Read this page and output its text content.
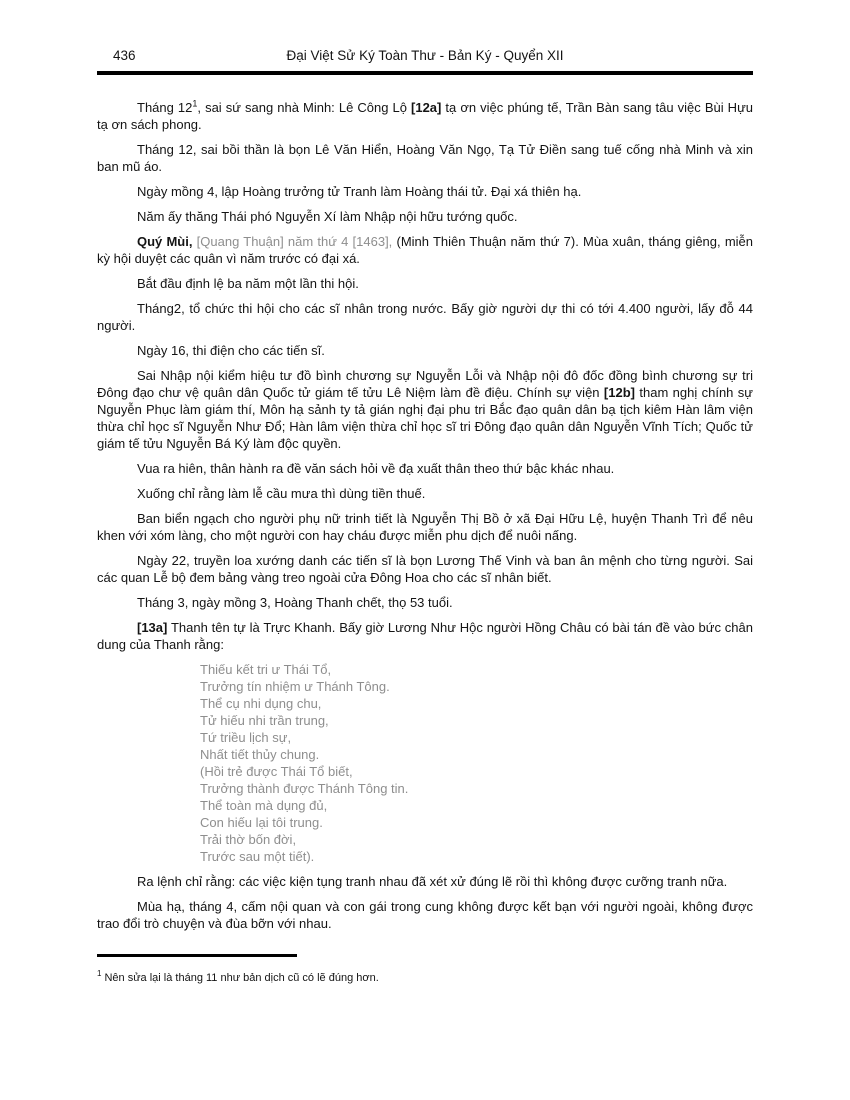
436	Đại Việt Sử Ký Toàn Thư - Bản Ký - Quyển XII

Tháng $12^1$, sai sứ sang nhà Minh: Lê Công Lộ [12a] tạ ơn việc phúng tế, Trần Bàn sang tâu việc Bùi Hựu tạ ơn sách phong.

Tháng 12, sai bồi thần là bọn Lê Văn Hiển, Hoàng Văn Ngọ, Tạ Tử Điền sang tuế cống nhà Minh và xin ban mũ áo.

Ngày mồng 4, lập Hoàng trưởng tử Tranh làm Hoàng thái tử. Đại xá thiên hạ.

Năm ấy thăng Thái phó Nguyễn Xí làm Nhập nội hữu tướng quốc.

Quý Mùi, [Quang Thuận] năm thứ 4 [1463], (Minh Thiên Thuận năm thứ 7). Mùa xuân, tháng giêng, miễn kỳ hội duyệt các quân vì năm trước có đại xá.

Bắt đầu định lệ ba năm một lần thi hội.

Tháng2, tổ chức thi hội cho các sĩ nhân trong nước. Bấy giờ người dự thi có tới 4.400 người, lấy đỗ 44 người.

Ngày 16, thi điện cho các tiến sĩ.

Sai Nhập nội kiểm hiệu tư đồ bình chương sự Nguyễn Lỗi và Nhập nội đô đốc đồng bình chương sự tri Đông đạo chư vệ quân dân Quốc tử giám tế tửu Lê Niệm làm đề điệu. Chính sự viện [12b] tham nghị chính sự Nguyễn Phục làm giám thí, Môn hạ sảnh ty tả gián nghị đại phu tri Bắc đạo quân dân bạ tịch kiêm Hàn lâm viện thừa chỉ học sĩ Nguyễn Như Đổ; Hàn lâm viện thừa chỉ học sĩ tri Đông đạo quân dân Nguyễn Vĩnh Tích; Quốc tử giám tế tửu Nguyễn Bá Ký làm độc quyền.

Vua ra hiên, thân hành ra đề văn sách hỏi về đạ xuất thân theo thứ bậc khác nhau.

Xuống chỉ rằng làm lễ cầu mưa thì dùng tiền thuế.

Ban biển ngạch cho người phụ nữ trinh tiết là Nguyễn Thị Bồ ở xã Đại Hữu Lệ, huyện Thanh Trì để nêu khen với xóm làng, cho một người con hay cháu được miễn phu dịch để nuôi nấng.

Ngày 22, truyền loa xướng danh các tiến sĩ là bọn Lương Thế Vinh và ban ân mệnh cho từng người. Sai các quan Lễ bộ đem bảng vàng treo ngoài cửa Đông Hoa cho các sĩ nhân biết.

Tháng 3, ngày mồng 3, Hoàng Thanh chết, thọ 53 tuổi.

[13a] Thanh tên tự là Trực Khanh. Bấy giờ Lương Như Hộc người Hồng Châu có bài tán đề vào bức chân dung của Thanh rằng:

Thiếu kết tri ư Thái Tổ,
Trưởng tín nhiệm ư Thánh Tông.
Thể cụ nhi dụng chu,
Tử hiếu nhi trần trung,
Tứ triều lịch sự,
Nhất tiết thủy chung.
(Hồi trẻ được Thái Tổ biết,
Trưởng thành được Thánh Tông tin.
Thể toàn mà dụng đủ,
Con hiếu lại tôi trung.
Trải thờ bốn đời,
Trước sau một tiết).

Ra lệnh chỉ rằng: các việc kiện tụng tranh nhau đã xét xử đúng lẽ rồi thì không được cưỡng tranh nữa.

Mùa hạ, tháng 4, cấm nội quan và con gái trong cung không được kết bạn với người ngoài, không được trao đổi trò chuyện và đùa bỡn với nhau.

$^1$ Nên sửa lại là tháng 11 như bản dịch cũ có lẽ đúng hơn.
